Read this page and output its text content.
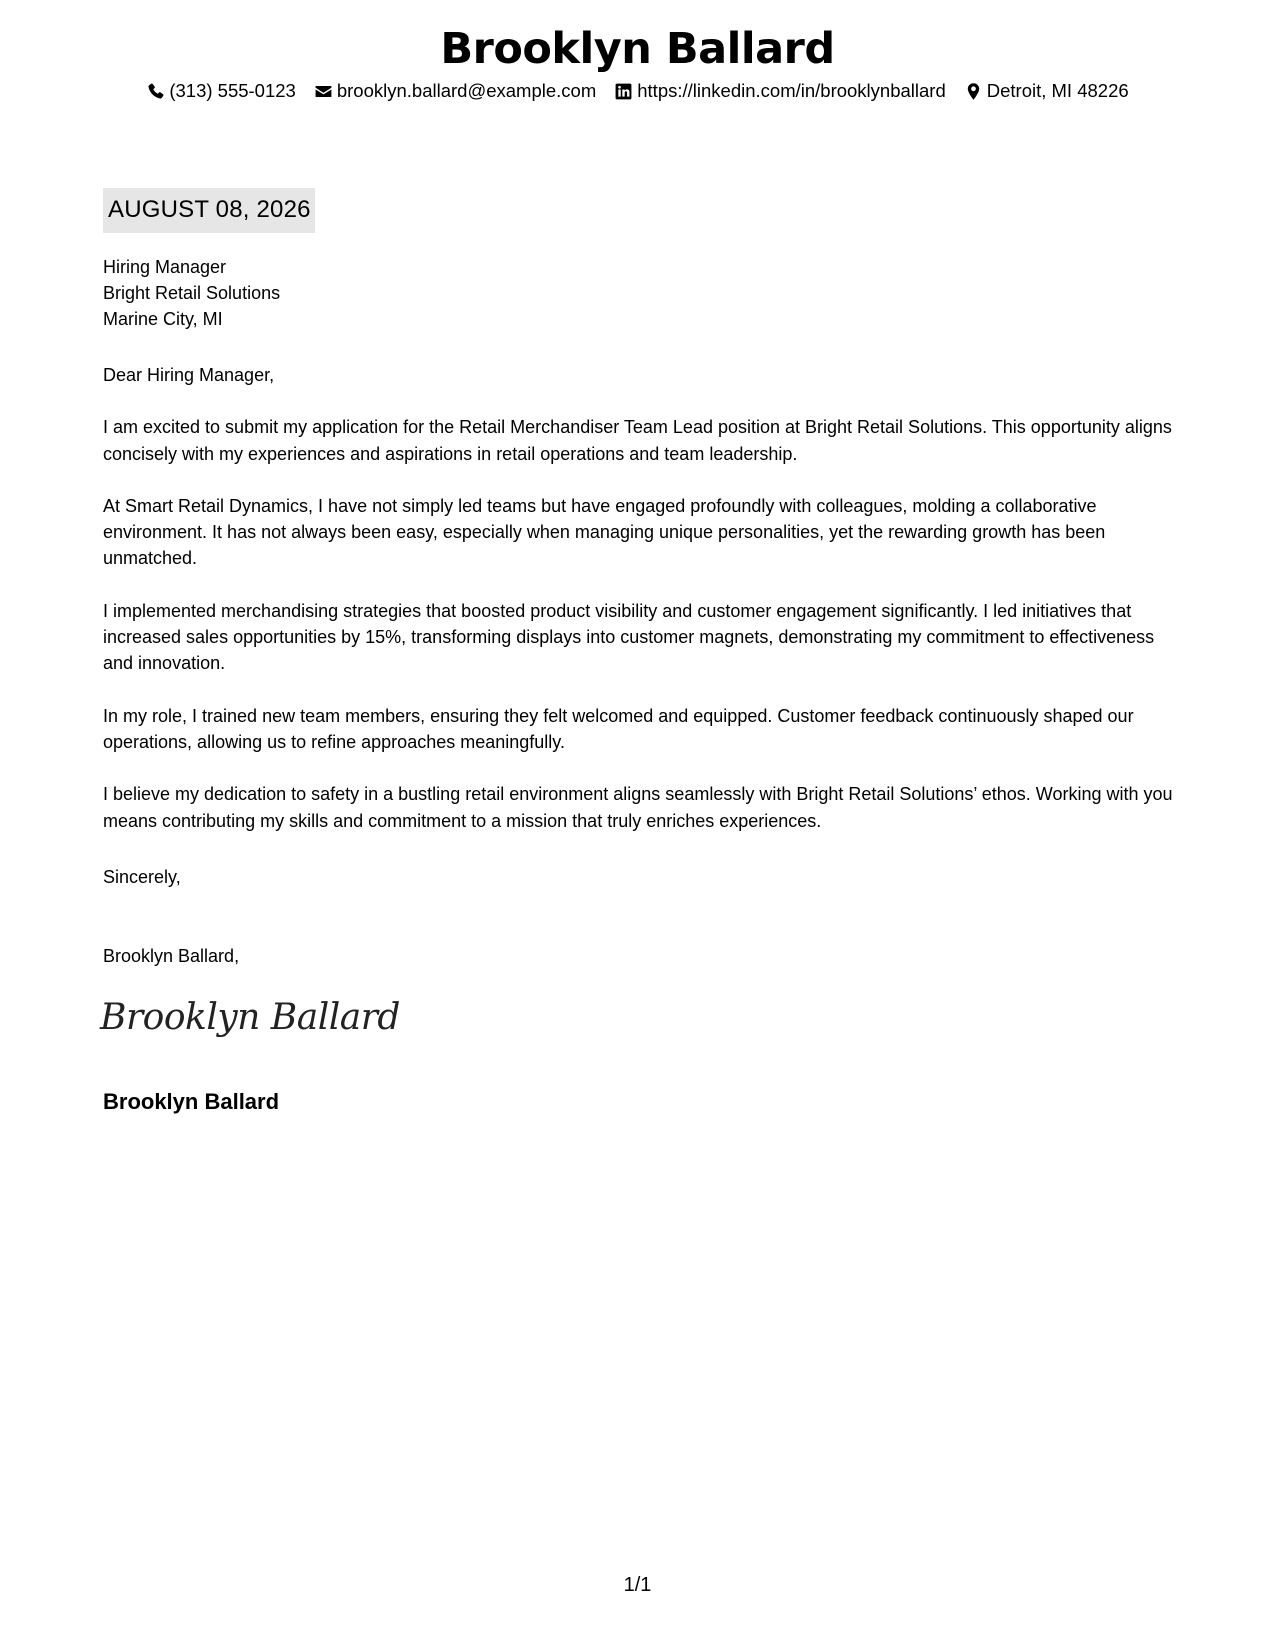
Brooklyn Ballard
(313) 555-0123 brooklyn.ballard@example.com https://linkedin.com/in/brooklynballard Detroit, MI 48226
AUGUST 08, 2026
Hiring Manager
Bright Retail Solutions
Marine City, MI

Dear Hiring Manager,

I am excited to submit my application for the Retail Merchandiser Team Lead position at Bright Retail Solutions. This opportunity aligns concisely with my experiences and aspirations in retail operations and team leadership.

At Smart Retail Dynamics, I have not simply led teams but have engaged profoundly with colleagues, molding a collaborative environment. It has not always been easy, especially when managing unique personalities, yet the rewarding growth has been unmatched.

I implemented merchandising strategies that boosted product visibility and customer engagement significantly. I led initiatives that increased sales opportunities by 15%, transforming displays into customer magnets, demonstrating my commitment to effectiveness and innovation.

In my role, I trained new team members, ensuring they felt welcomed and equipped. Customer feedback continuously shaped our operations, allowing us to refine approaches meaningfully.

I believe my dedication to safety in a bustling retail environment aligns seamlessly with Bright Retail Solutions’ ethos. Working with you means contributing my skills and commitment to a mission that truly enriches experiences.

Sincerely,
Brooklyn Ballard,
Brooklyn Ballard
Brooklyn Ballard
1/1
